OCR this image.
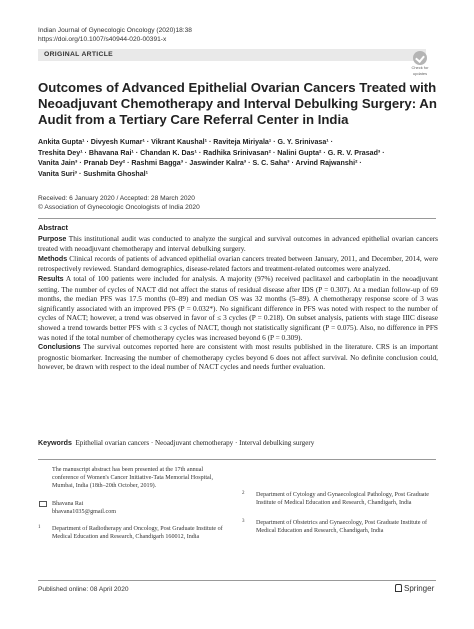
Indian Journal of Gynecologic Oncology (2020)18:38
https://doi.org/10.1007/s40944-020-00391-x
ORIGINAL ARTICLE
Check for
updates
Outcomes of Advanced Epithelial Ovarian Cancers Treated with Neoadjuvant Chemotherapy and Interval Debulking Surgery: An Audit from a Tertiary Care Referral Center in India
Ankita Gupta¹ · Divyesh Kumar¹ · Vikrant Kaushal¹ · Raviteja Miriyala¹ · G. Y. Srinivasa¹ ·
Treshita Dey¹ · Bhavana Rai¹ · Chandan K. Das¹ · Radhika Srinivasan² · Nalini Gupta² · G. R. V. Prasad³ ·
Vanita Jain³ · Pranab Dey² · Rashmi Bagga³ · Jaswinder Kalra³ · S. C. Saha³ · Arvind Rajwanshi² ·
Vanita Suri³ · Sushmita Ghoshal¹
Received: 6 January 2020 / Accepted: 28 March 2020
© Association of Gynecologic Oncologists of India 2020
Abstract

Purpose This institutional audit was conducted to analyze the surgical and survival outcomes in advanced epithelial ovarian cancers treated with neoadjuvant chemotherapy and interval debulking surgery.

Methods Clinical records of patients of advanced epithelial ovarian cancers treated between January, 2011, and December, 2014, were retrospectively reviewed. Standard demographics, disease-related factors and treatment-related outcomes were analyzed.

Results A total of 100 patients were included for analysis. A majority (97%) received paclitaxel and carboplatin in the neoadjuvant setting. The number of cycles of NACT did not affect the status of residual disease after IDS (P = 0.307). At a median follow-up of 69 months, the median PFS was 17.5 months (0–89) and median OS was 32 months (5–89). A chemotherapy response score of 3 was significantly associated with an improved PFS (P = 0.032*). No significant difference in PFS was noted with respect to the number of cycles of NACT; however, a trend was observed in favor of ≤ 3 cycles (P = 0.218). On subset analysis, patients with stage IIIC disease showed a trend towards better PFS with ≤ 3 cycles of NACT, though not statistically significant (P = 0.075). Also, no difference in PFS was noted if the total number of chemotherapy cycles was increased beyond 6 (P = 0.309).

Conclusions The survival outcomes reported here are consistent with most results published in the literature. CRS is an important prognostic biomarker. Increasing the number of chemotherapy cycles beyond 6 does not affect survival. No definite conclusion could, however, be drawn with respect to the ideal number of NACT cycles and needs further evaluation.

Keywords Epithelial ovarian cancers · Neoadjuvant chemotherapy · Interval debulking surgery
The manuscript abstract has been presented at the 17th annual conference of Women's Cancer Initiative-Tata Memorial Hospital, Mumbai, India (18th–20th October, 2019).
Bhavana Rai
bhavana1035@gmail.com
1 Department of Radiotherapy and Oncology, Post Graduate Institute of Medical Education and Research, Chandigarh 160012, India
2 Department of Cytology and Gynaecological Pathology, Post Graduate Institute of Medical Education and Research, Chandigarh, India
3 Department of Obstetrics and Gynaecology, Post Graduate Institute of Medical Education and Research, Chandigarh, India
Published online: 08 April 2020	Springer
